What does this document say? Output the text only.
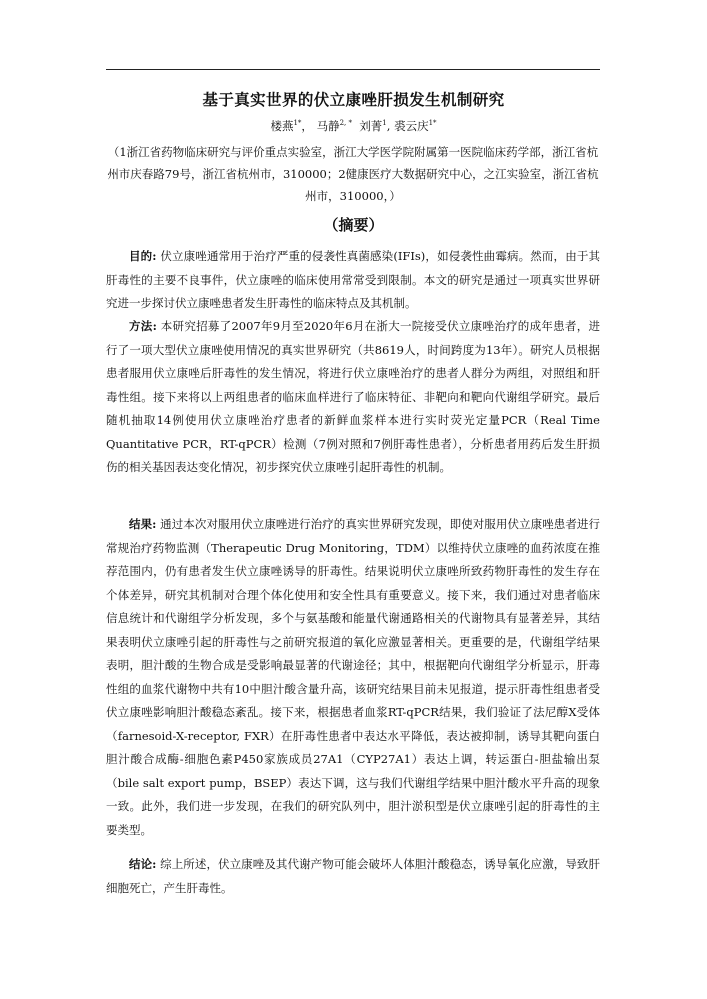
基于真实世界的伏立康唑肝损发生机制研究
楼燕$^{1*}$， 马静$^{2, *}$ 刘菁$^1$, 裘云庆$^{1*}$
（1浙江省药物临床研究与评价重点实验室，浙江大学医学院附属第一医院临床药学部，浙江省杭州市庆春路79号，浙江省杭州市，310000；2健康医疗大数据研究中心，之江实验室，浙江省杭州市，310000，）
（摘要）

目的: 伏立康唑通常用于治疗严重的侵袭性真菌感染(IFIs)，如侵袭性曲霉病。然而，由于其肝毒性的主要不良事件，伏立康唑的临床使用常常受到限制。本文的研究是通过一项真实世界研究进一步探讨伏立康唑患者发生肝毒性的临床特点及其机制。

方法: 本研究招募了2007年9月至2020年6月在浙大一院接受伏立康唑治疗的成年患者，进行了一项大型伏立康唑使用情况的真实世界研究（共8619人，时间跨度为13年）。研究人员根据患者服用伏立康唑后肝毒性的发生情况，将进行伏立康唑治疗的患者人群分为两组，对照组和肝毒性组。接下来将以上两组患者的临床血样进行了临床特征、非靶向和靶向代谢组学研究。最后随机抽取14例使用伏立康唑治疗患者的新鲜血浆样本进行实时荧光定量PCR（Real Time Quantitative PCR，RT-qPCR）检测（7例对照和7例肝毒性患者），分析患者用药后发生肝损伤的相关基因表达变化情况，初步探究伏立康唑引起肝毒性的机制。

结果: 通过本次对服用伏立康唑进行治疗的真实世界研究发现，即使对服用伏立康唑患者进行常规治疗药物监测（Therapeutic Drug Monitoring，TDM）以维持伏立康唑的血药浓度在推荐范围内，仍有患者发生伏立康唑诱导的肝毒性。结果说明伏立康唑所致药物肝毒性的发生存在个体差异，研究其机制对合理个体化使用和安全性具有重要意义。接下来，我们通过对患者临床信息统计和代谢组学分析发现，多个与氨基酸和能量代谢通路相关的代谢物具有显著差异，其结果表明伏立康唑引起的肝毒性与之前研究报道的氧化应激显著相关。更重要的是，代谢组学结果表明，胆汁酸的生物合成是受影响最显著的代谢途径；其中，根据靶向代谢组学分析显示，肝毒性组的血浆代谢物中共有10中胆汁酸含量升高，该研究结果目前未见报道，提示肝毒性组患者受伏立康唑影响胆汁酸稳态紊乱。接下来，根据患者血浆RT-qPCR结果，我们验证了法尼醇X受体（farnesoid-X-receptor, FXR）在肝毒性患者中表达水平降低，表达被抑制，诱导其靶向蛋白胆汁酸合成酶-细胞色素P450家族成员27A1（CYP27A1）表达上调，转运蛋白-胆盐输出泵（bile salt export pump，BSEP）表达下调，这与我们代谢组学结果中胆汁酸水平升高的现象一致。此外，我们进一步发现，在我们的研究队列中，胆汁淤积型是伏立康唑引起的肝毒性的主要类型。

结论: 综上所述，伏立康唑及其代谢产物可能会破坏人体胆汁酸稳态，诱导氧化应激，导致肝细胞死亡，产生肝毒性。
